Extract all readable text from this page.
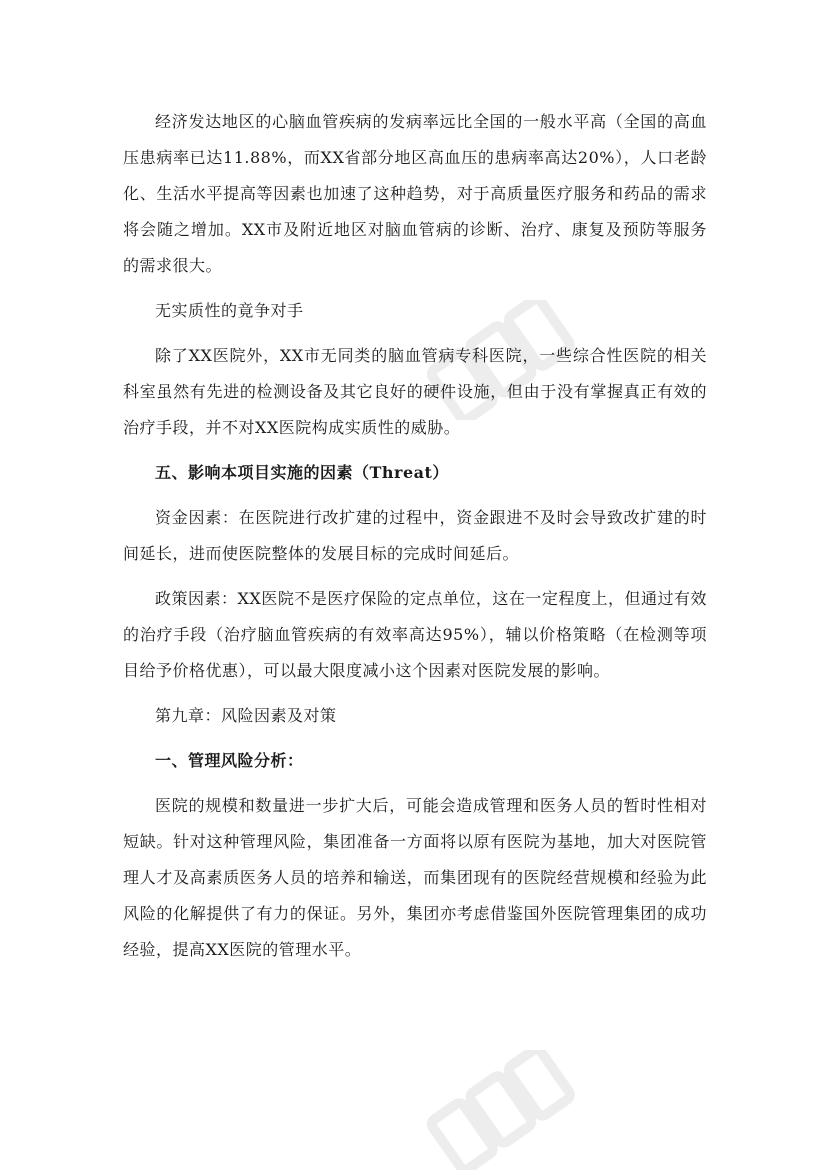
经济发达地区的心脑血管疾病的发病率远比全国的一般水平高（全国的高血压患病率已达11.88%，而XX省部分地区高血压的患病率高达20%），人口老龄化、生活水平提高等因素也加速了这种趋势，对于高质量医疗服务和药品的需求将会随之增加。XX市及附近地区对脑血管病的诊断、治疗、康复及预防等服务的需求很大。

无实质性的竟争对手

除了XX医院外，XX市无同类的脑血管病专科医院，一些综合性医院的相关科室虽然有先进的检测设备及其它良好的硬件设施，但由于没有掌握真正有效的治疗手段，并不对XX医院构成实质性的威胁。

五、影响本项目实施的因素（Threat）

资金因素：在医院进行改扩建的过程中，资金跟进不及时会导致改扩建的时间延长，进而使医院整体的发展目标的完成时间延后。

政策因素：XX医院不是医疗保险的定点单位，这在一定程度上，但通过有效的治疗手段（治疗脑血管疾病的有效率高达95%），辅以价格策略（在检测等项目给予价格优惠），可以最大限度减小这个因素对医院发展的影响。

第九章：风险因素及对策

一、管理风险分析：

医院的规模和数量进一步扩大后，可能会造成管理和医务人员的暂时性相对短缺。针对这种管理风险，集团准备一方面将以原有医院为基地，加大对医院管理人才及高素质医务人员的培养和输送，而集团现有的医院经营规模和经验为此风险的化解提供了有力的保证。另外，集团亦考虑借鉴国外医院管理集团的成功经验，提高XX医院的管理水平。
